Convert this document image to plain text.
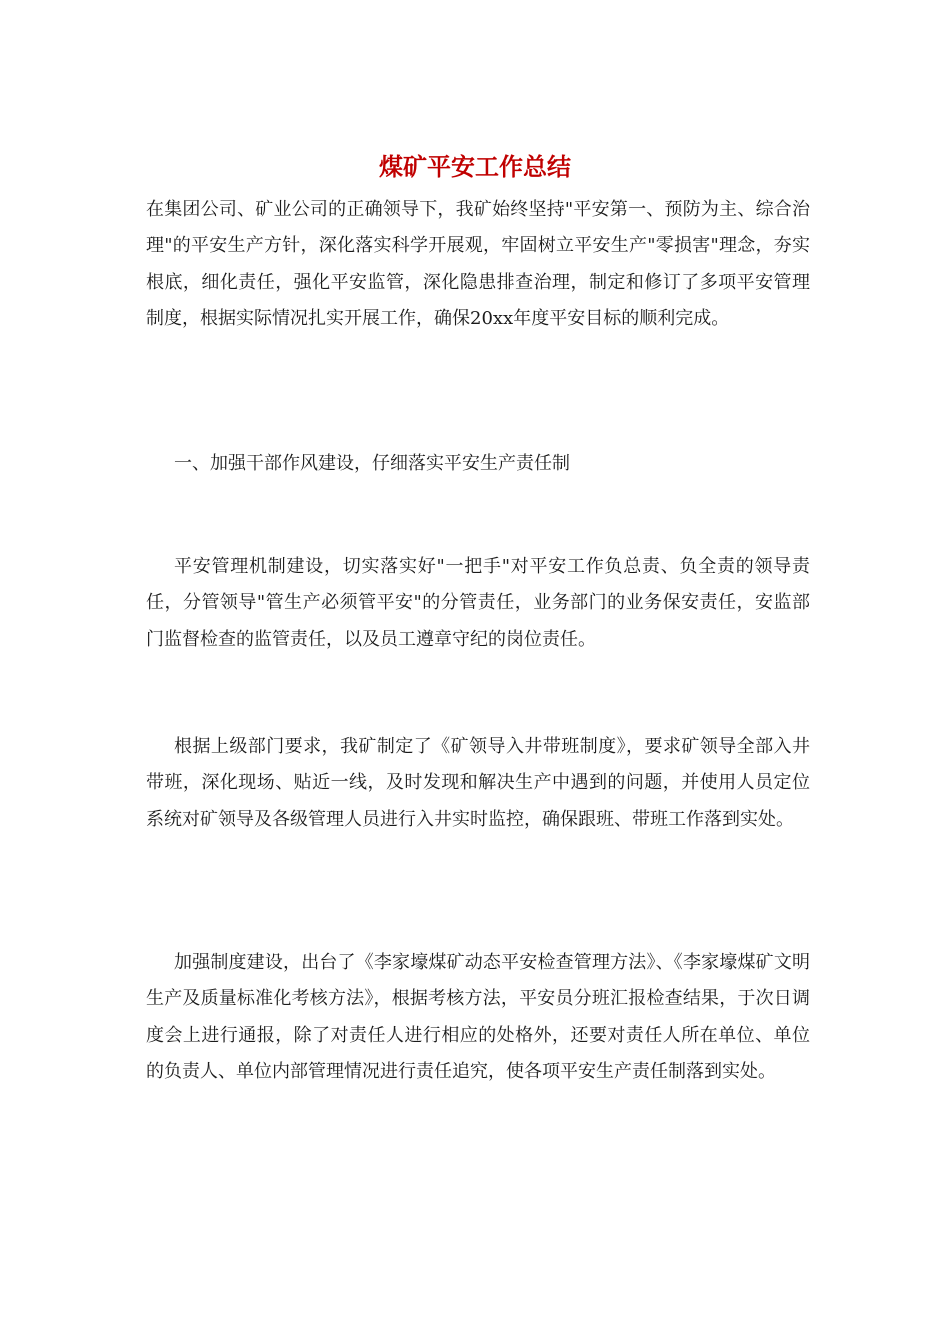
煤矿平安工作总结

在集团公司、矿业公司的正确领导下，我矿始终坚持"平安第一、预防为主、综合治理"的平安生产方针，深化落实科学开展观，牢固树立平安生产"零损害"理念，夯实根底，细化责任，强化平安监管，深化隐患排查治理，制定和修订了多项平安管理制度，根据实际情况扎实开展工作，确保20xx年度平安目标的顺利完成。

一、加强干部作风建设，仔细落实平安生产责任制

平安管理机制建设，切实落实好"一把手"对平安工作负总责、负全责的领导责任，分管领导"管生产必须管平安"的分管责任，业务部门的业务保安责任，安监部门监督检查的监管责任，以及员工遵章守纪的岗位责任。

根据上级部门要求，我矿制定了《矿领导入井带班制度》，要求矿领导全部入井带班，深化现场、贴近一线，及时发现和解决生产中遇到的问题，并使用人员定位系统对矿领导及各级管理人员进行入井实时监控，确保跟班、带班工作落到实处。

加强制度建设，出台了《李家壕煤矿动态平安检查管理方法》、《李家壕煤矿文明生产及质量标准化考核方法》，根据考核方法，平安员分班汇报检查结果，于次日调度会上进行通报，除了对责任人进行相应的处格外，还要对责任人所在单位、单位的负责人、单位内部管理情况进行责任追究，使各项平安生产责任制落到实处。
